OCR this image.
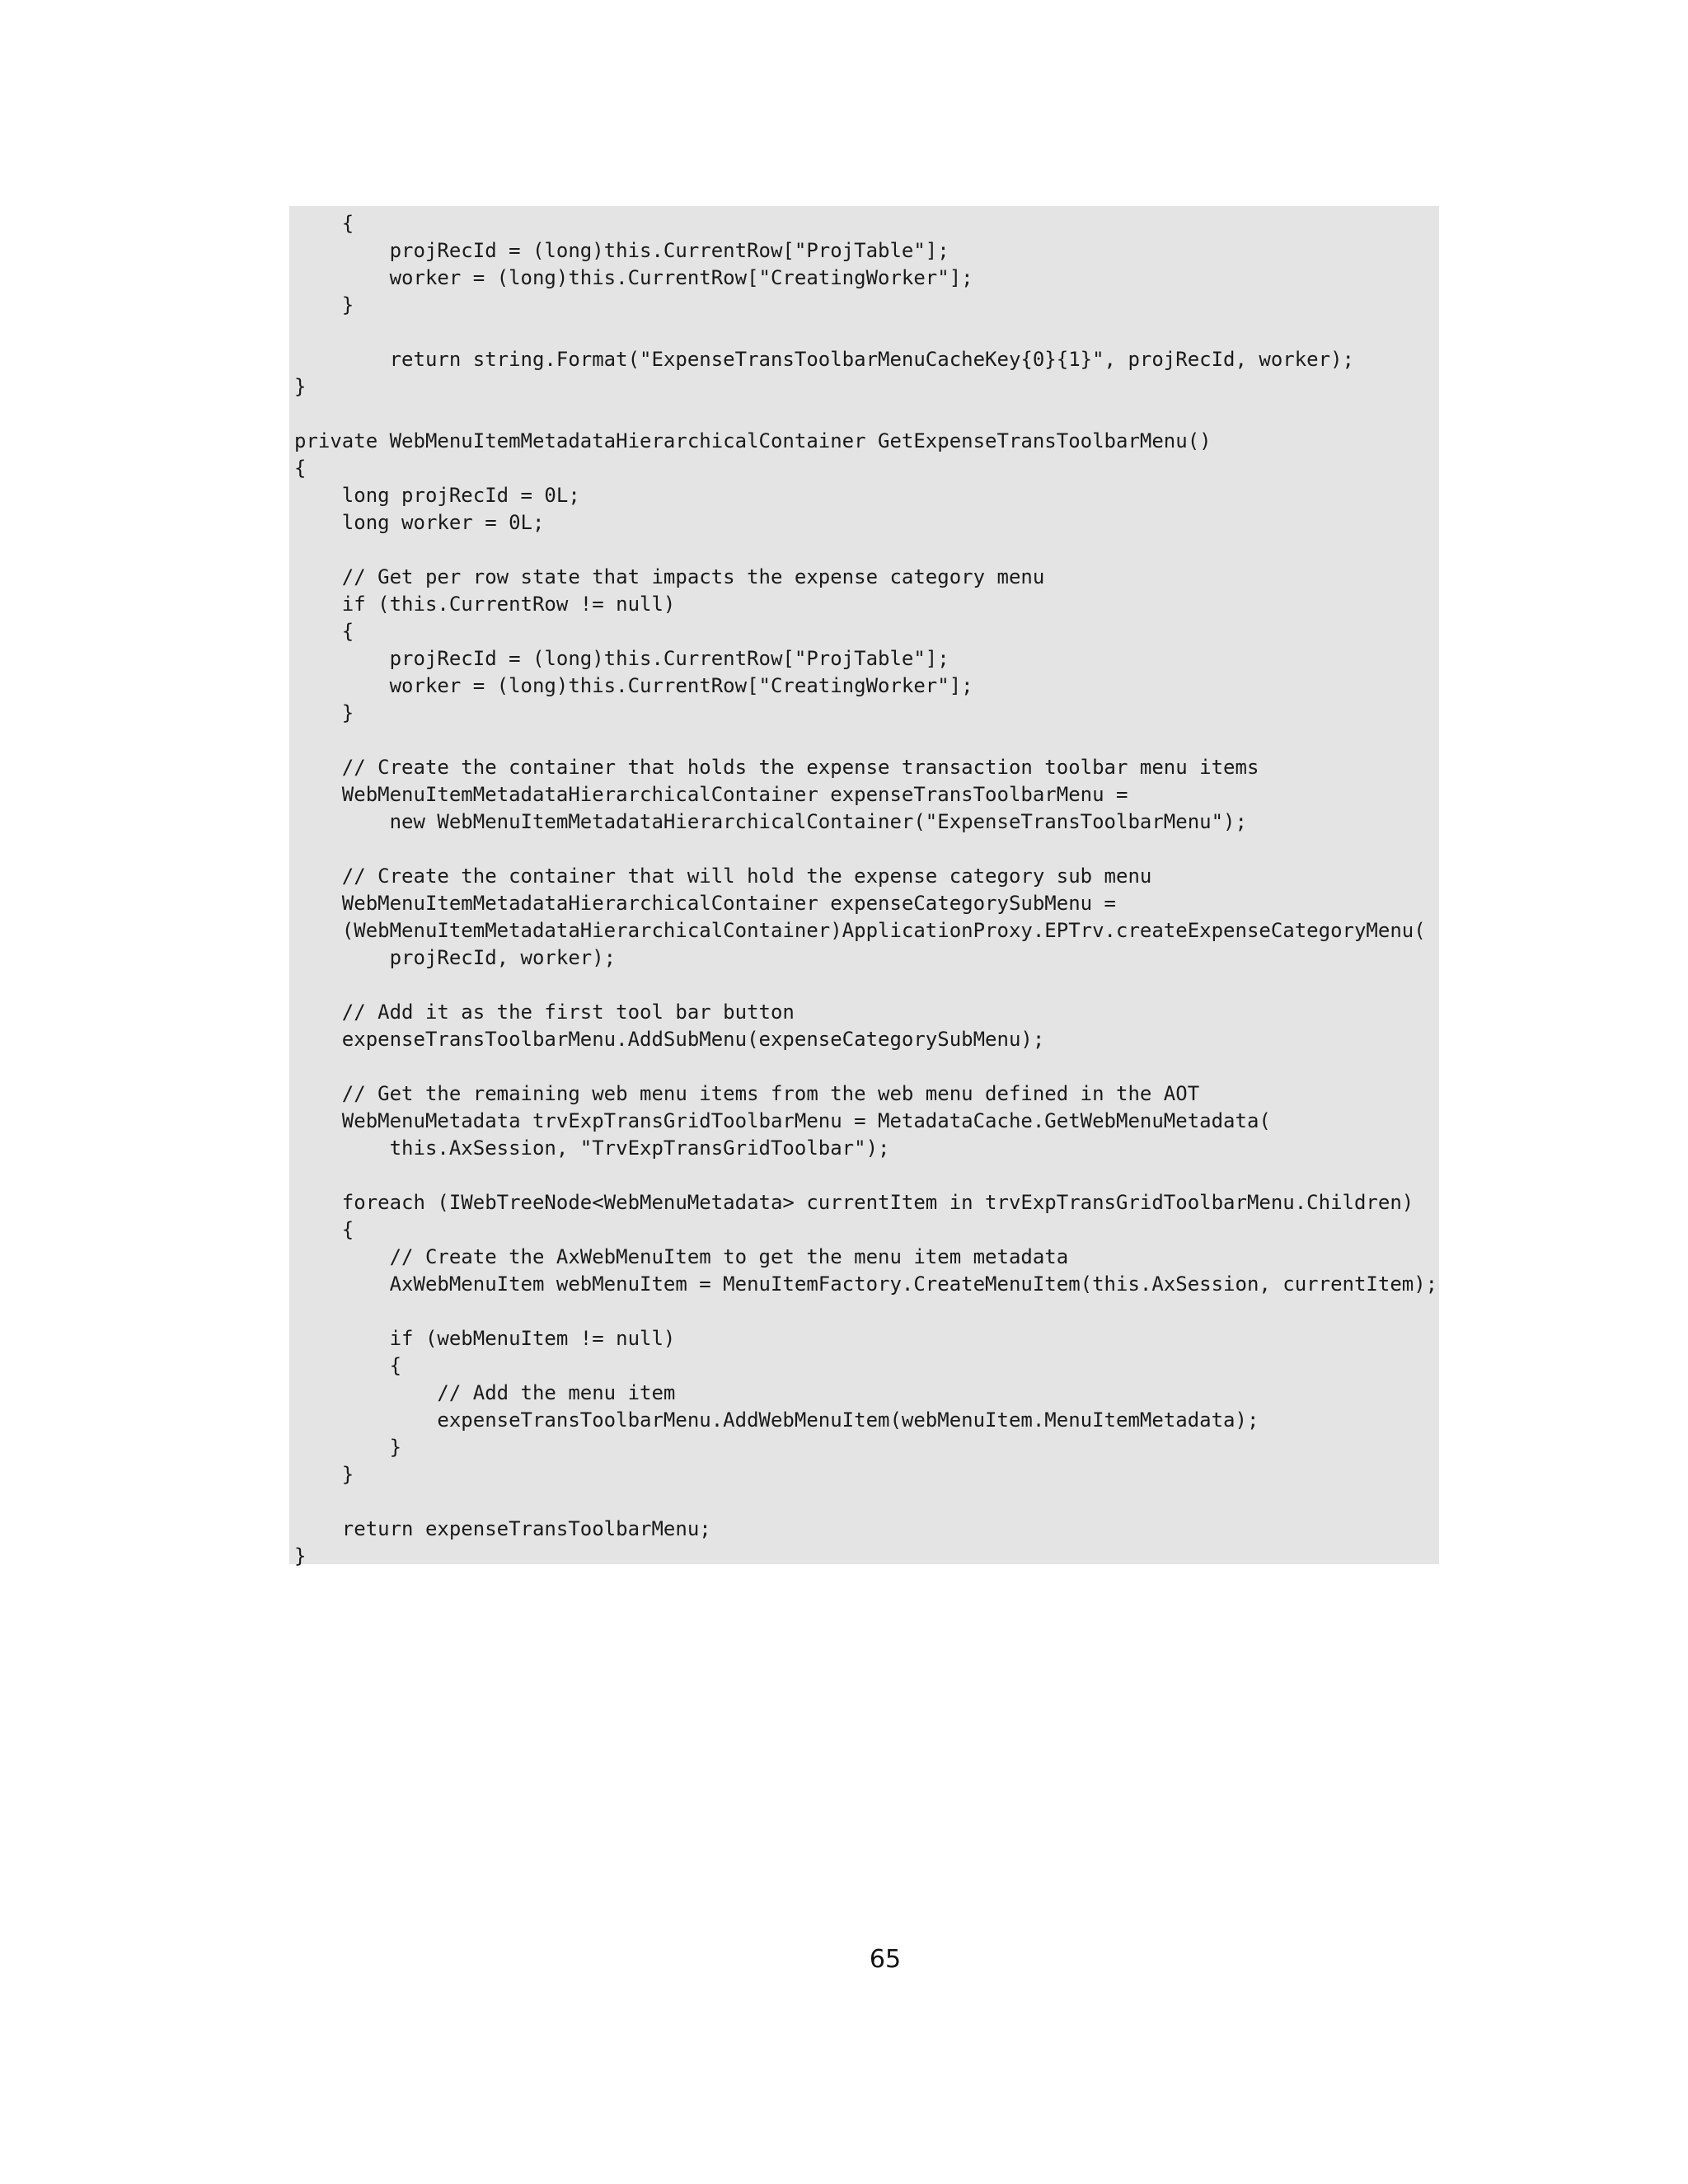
{
projRecId = (long)this.CurrentRow["ProjTable"];
worker = (long)this.CurrentRow["CreatingWorker"];
}
return string.Format("ExpenseTransToolbarMenuCacheKey{0}{1}", projRecId, worker);
}
private WebMenuItemMetadataHierarchicalContainer GetExpenseTransToolbarMenu()
{
long projRecId = 0L;
long worker = 0L;
// Get per row state that impacts the expense category menu
if (this.CurrentRow != null)
{
projRecId = (long)this.CurrentRow["ProjTable"];
worker = (long)this.CurrentRow["CreatingWorker"];
}
// Create the container that holds the expense transaction toolbar menu items
WebMenuItemMetadataHierarchicalContainer expenseTransToolbarMenu =
new WebMenuItemMetadataHierarchicalContainer("ExpenseTransToolbarMenu");
// Create the container that will hold the expense category sub menu
WebMenuItemMetadataHierarchicalContainer expenseCategorySubMenu =
(WebMenuItemMetadataHierarchicalContainer)ApplicationProxy.EPTrv.createExpenseCategoryMenu(
projRecId, worker);
// Add it as the first tool bar button
expenseTransToolbarMenu.AddSubMenu(expenseCategorySubMenu);
// Get the remaining web menu items from the web menu defined in the AOT
WebMenuMetadata trvExpTransGridToolbarMenu = MetadataCache.GetWebMenuMetadata(
this.AxSession, "TrvExpTransGridToolbar");
foreach (IWebTreeNode<WebMenuMetadata> currentItem in trvExpTransGridToolbarMenu.Children)
{
// Create the AxWebMenuItem to get the menu item metadata
AxWebMenuItem webMenuItem = MenuItemFactory.CreateMenuItem(this.AxSession, currentItem);
if (webMenuItem != null)
{
// Add the menu item
expenseTransToolbarMenu.AddWebMenuItem(webMenuItem.MenuItemMetadata);
}
}
return expenseTransToolbarMenu;
}
65
